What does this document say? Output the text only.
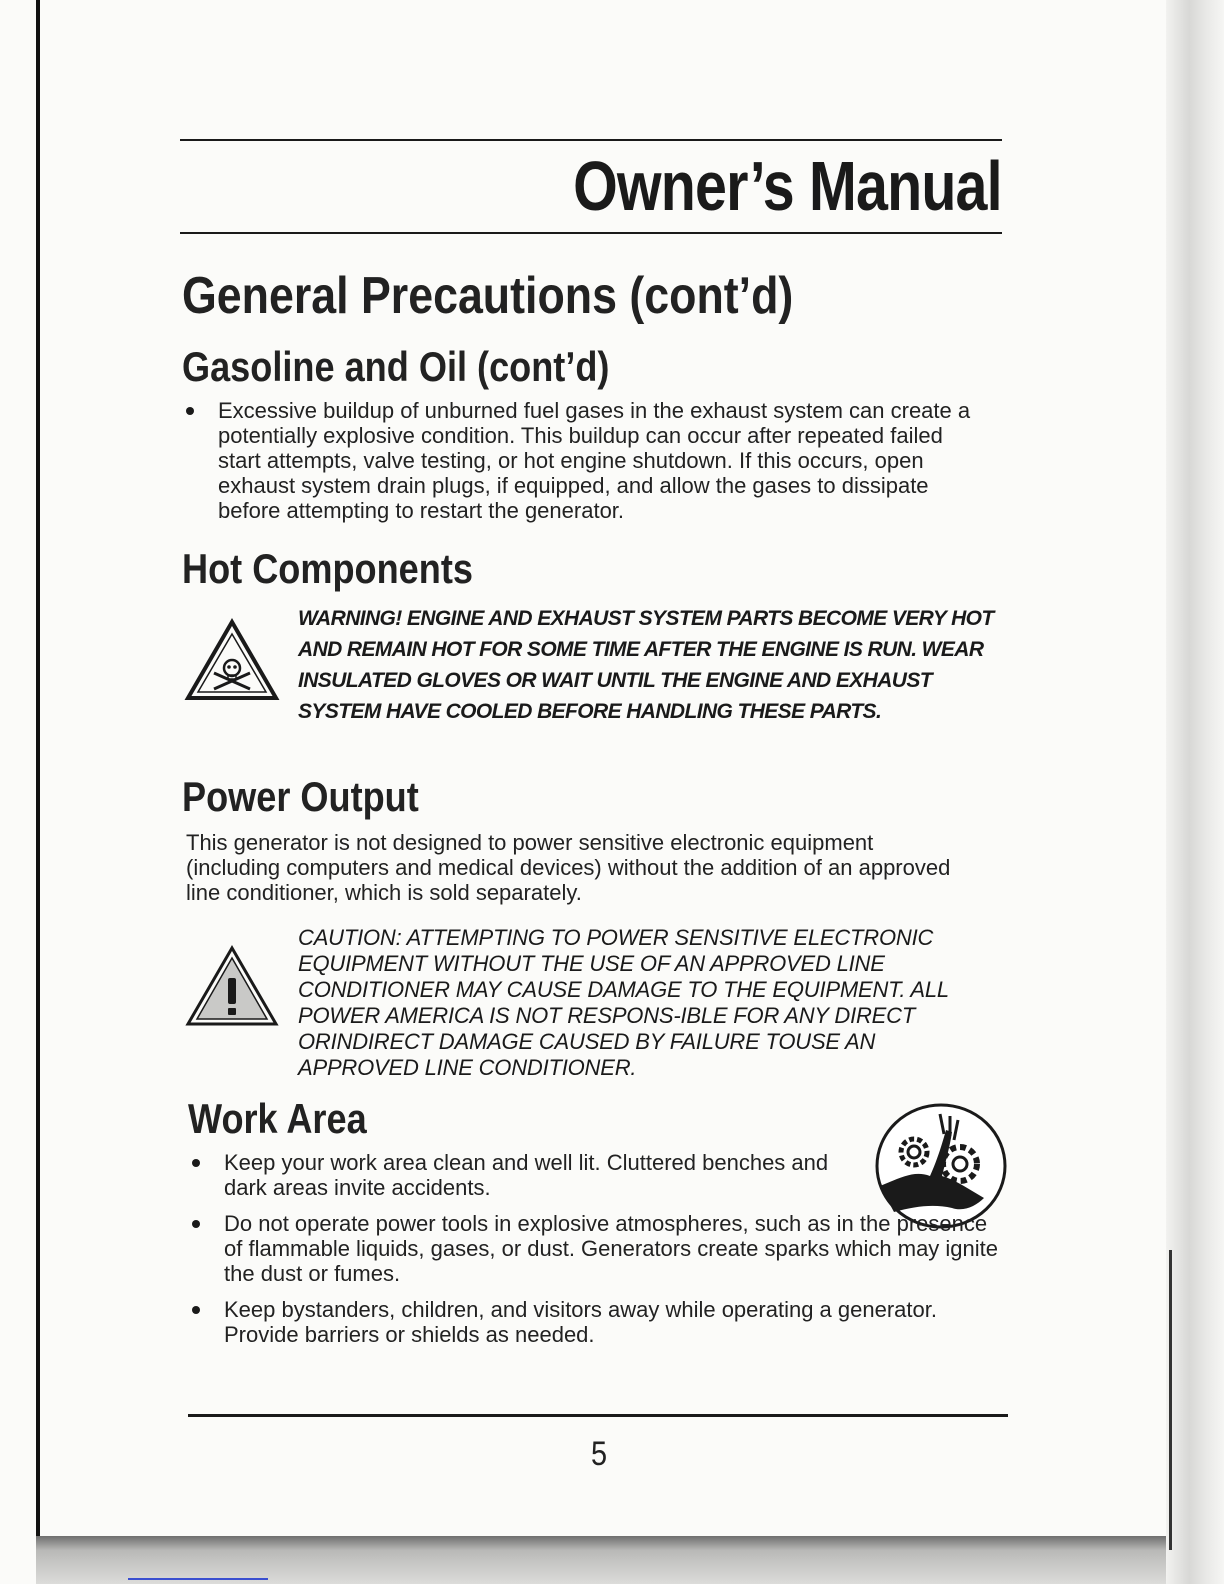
Owner’s Manual
General Precautions (cont’d)
Gasoline and Oil (cont’d)
Excessive buildup of unburned fuel gases in the exhaust system can create a potentially explosive condition. This buildup can occur after repeated failed start attempts, valve testing, or hot engine shutdown. If this occurs, open exhaust system drain plugs, if equipped, and allow the gases to dissipate before attempting to restart the generator.
Hot Components

WARNING! ENGINE AND EXHAUST SYSTEM PARTS BECOME VERY HOT AND REMAIN HOT FOR SOME TIME AFTER THE ENGINE IS RUN. WEAR INSULATED GLOVES OR WAIT UNTIL THE ENGINE AND EXHAUST SYSTEM HAVE COOLED BEFORE HANDLING THESE PARTS.

Power Output

This generator is not designed to power sensitive electronic equipment (including computers and medical devices) without the addition of an approved line conditioner, which is sold separately.

CAUTION: ATTEMPTING TO POWER SENSITIVE ELECTRONIC EQUIPMENT WITHOUT THE USE OF AN APPROVED LINE CONDITIONER MAY CAUSE DAMAGE TO THE EQUIPMENT. ALL POWER AMERICA IS NOT RESPONS-IBLE FOR ANY DIRECT ORINDIRECT DAMAGE CAUSED BY FAILURE TOUSE AN APPROVED LINE CONDITIONER.

Work Area
Keep your work area clean and well lit. Cluttered benches and dark areas invite accidents.
Do not operate power tools in explosive atmospheres, such as in the presence of flammable liquids, gases, or dust. Generators create sparks which may ignite the dust or fumes.
Keep bystanders, children, and visitors away while operating a generator. Provide barriers or shields as needed.
5
